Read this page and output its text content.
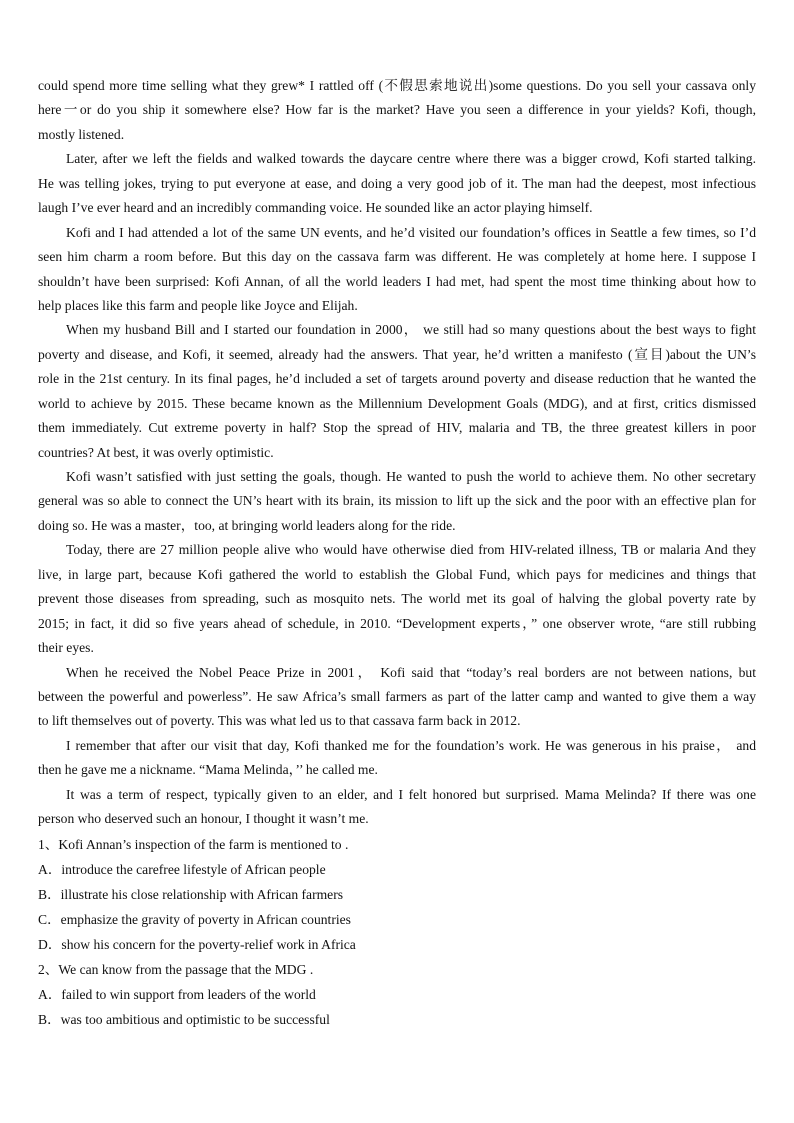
could spend more time selling what they grew* I rattled off (不假思索地说出)some questions. Do you sell your cassava only
here一or do you ship it somewhere else? How far is the market? Have you seen a difference in your yields? Kofi, though,
mostly listened.
Later, after we left the fields and walked towards the daycare centre where there was a bigger crowd, Kofi started talking.
He was telling jokes, trying to put everyone at ease, and doing a very good job of it. The man had the deepest, most infectious
laugh I’ve ever heard and an incredibly commanding voice. He sounded like an actor playing himself.
Kofi and I had attended a lot of the same UN events, and he’d visited our foundation’s offices in Seattle a few times, so I’d
seen him charm a room before. But this day on the cassava farm was different. He was completely at home here. I suppose I
shouldn’t have been surprised: Kofi Annan, of all the world leaders I had met, had spent the most time thinking about how to
help places like this farm and people like Joyce and Elijah.
When my husband Bill and I started our foundation in 2000， we still had so many questions about the best ways to fight
poverty and disease, and Kofi, it seemed, already had the answers. That year, he’d written a manifesto (宣目)about the UN’s
role in the 21st century. In its final pages, he’d included a set of targets around poverty and disease reduction that he wanted the
world to achieve by 2015. These became known as the Millennium Development Goals (MDG), and at first, critics dismissed
them immediately. Cut extreme poverty in half? Stop the spread of HIV, malaria and TB, the three greatest killers in poor
countries? At best, it was overly optimistic.
Kofi wasn’t satisfied with just setting the goals, though. He wanted to push the world to achieve them. No other secretary
general was so able to connect the UN’s heart with its brain, its mission to lift up the sick and the poor with an effective plan for
doing so. He was a master，too, at bringing world leaders along for the ride.
Today, there are 27 million people alive who would have otherwise died from HIV-related illness, TB or malaria And they
live, in large part, because Kofi gathered the world to establish the Global Fund, which pays for medicines and things that
prevent those diseases from spreading, such as mosquito nets. The world met its goal of halving the global poverty rate by
2015; in fact, it did so five years ahead of schedule, in 2010. “Development experts，” one observer wrote, “are still rubbing
their eyes.
When he received the Nobel Peace Prize in 2001， Kofi said that “today’s real borders are not between nations, but
between the powerful and powerless”. He saw Africa’s small farmers as part of the latter camp and wanted to give them a way
to lift themselves out of poverty. This was what led us to that cassava farm back in 2012.
I remember that after our visit that day, Kofi thanked me for the foundation’s work. He was generous in his praise， and
then he gave me a nickname. “Mama Melinda，’’ he called me.
It was a term of respect, typically given to an elder, and I felt honored but surprised. Mama Melinda? If there was one
person who deserved such an honour, I thought it wasn’t me.
1、Kofi Annan’s inspection of the farm is mentioned to .
A．introduce the carefree lifestyle of African people
B．illustrate his close relationship with African farmers
C．emphasize the gravity of poverty in African countries
D．show his concern for the poverty-relief work in Africa
2、We can know from the passage that the MDG .
A．failed to win support from leaders of the world
B．was too ambitious and optimistic to be successful
